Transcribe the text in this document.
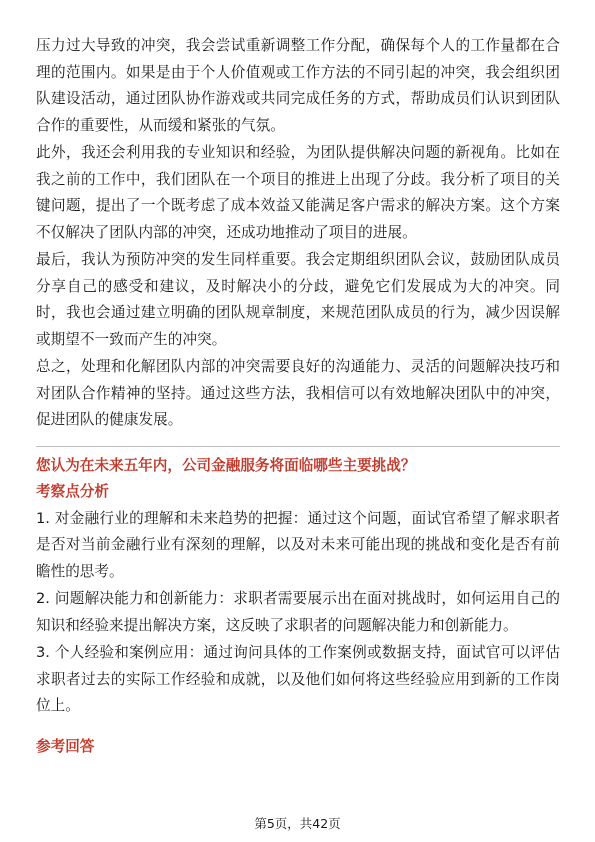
压力过大导致的冲突，我会尝试重新调整工作分配，确保每个人的工作量都在合理的范围内。如果是由于个人价值观或工作方法的不同引起的冲突，我会组织团队建设活动，通过团队协作游戏或共同完成任务的方式，帮助成员们认识到团队合作的重要性，从而缓和紧张的气氛。

此外，我还会利用我的专业知识和经验，为团队提供解决问题的新视角。比如在我之前的工作中，我们团队在一个项目的推进上出现了分歧。我分析了项目的关键问题，提出了一个既考虑了成本效益又能满足客户需求的解决方案。这个方案不仅解决了团队内部的冲突，还成功地推动了项目的进展。

最后，我认为预防冲突的发生同样重要。我会定期组织团队会议，鼓励团队成员分享自己的感受和建议，及时解决小的分歧，避免它们发展成为大的冲突。同时，我也会通过建立明确的团队规章制度，来规范团队成员的行为，减少因误解或期望不一致而产生的冲突。

总之，处理和化解团队内部的冲突需要良好的沟通能力、灵活的问题解决技巧和对团队合作精神的坚持。通过这些方法，我相信可以有效地解决团队中的冲突，促进团队的健康发展。

您认为在未来五年内，公司金融服务将面临哪些主要挑战？

考察点分析

1. 对金融行业的理解和未来趋势的把握：通过这个问题，面试官希望了解求职者是否对当前金融行业有深刻的理解，以及对未来可能出现的挑战和变化是否有前瞻性的思考。

2. 问题解决能力和创新能力：求职者需要展示出在面对挑战时，如何运用自己的知识和经验来提出解决方案，这反映了求职者的问题解决能力和创新能力。

3. 个人经验和案例应用：通过询问具体的工作案例或数据支持，面试官可以评估求职者过去的实际工作经验和成就，以及他们如何将这些经验应用到新的工作岗位上。

参考回答

第5页，共42页
